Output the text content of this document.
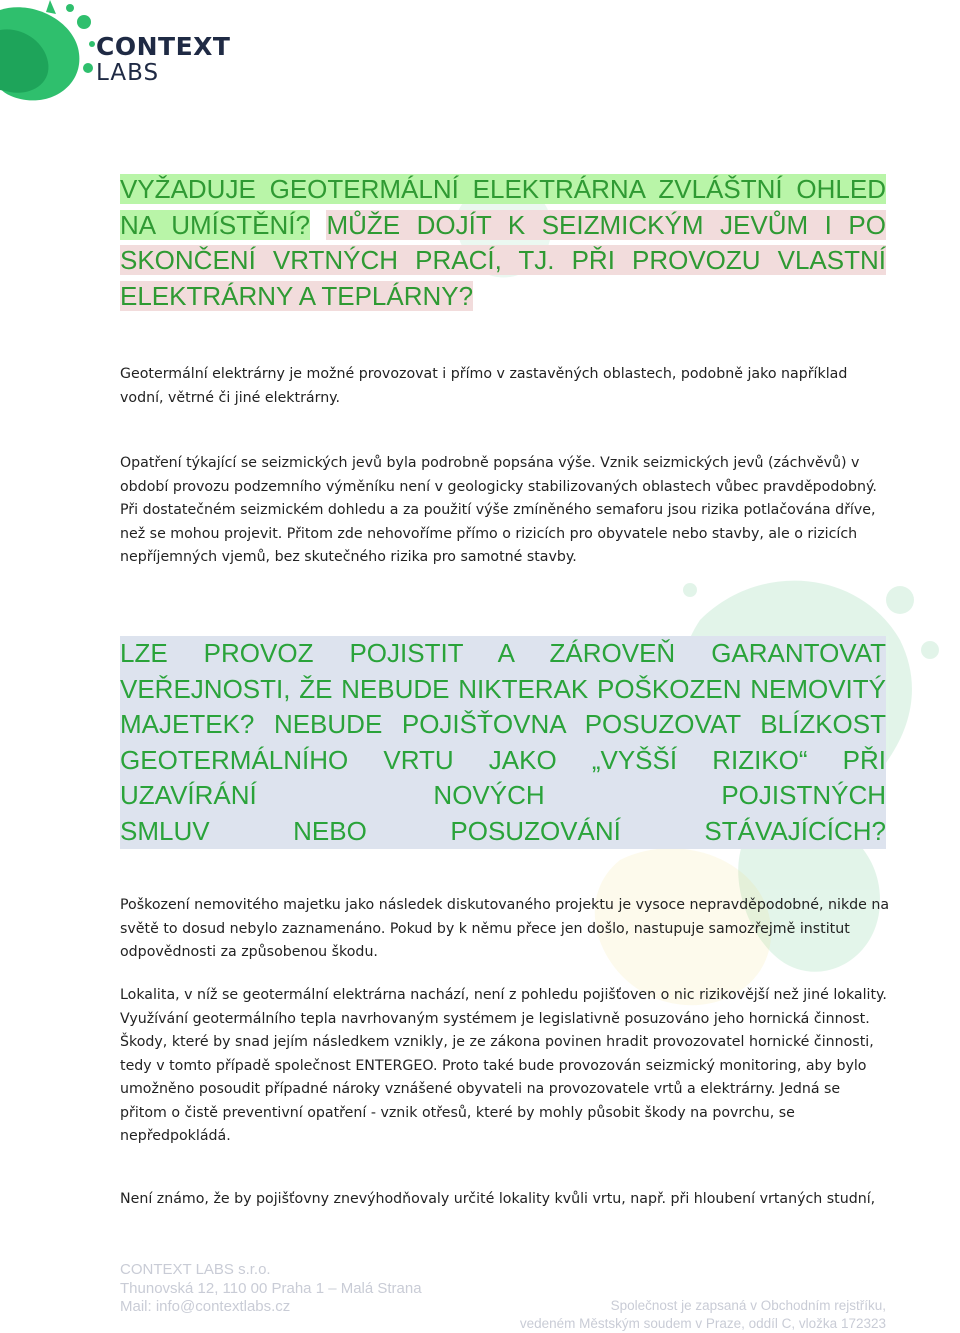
CONTEXT
LABS

VYŽADUJE GEOTERMÁLNÍ ELEKTRÁRNA ZVLÁŠTNÍ OHLED NA UMÍSTĚNÍ? MŮŽE DOJÍT K SEIZMICKÝM JEVŮM I PO SKONČENÍ VRTNÝCH PRACÍ, TJ. PŘI PROVOZU VLASTNÍ ELEKTRÁRNY A TEPLÁRNY?

Geotermální elektrárny je možné provozovat i přímo v zastavěných oblastech, podobně jako například vodní, větrné či jiné elektrárny.

Opatření týkající se seizmických jevů byla podrobně popsána výše. Vznik seizmických jevů (záchvěvů) v období provozu podzemního výměníku není v geologicky stabilizovaných oblastech vůbec pravděpodobný. Při dostatečném seizmickém dohledu a za použití výše zmíněného semaforu jsou rizika potlačována dříve, než se mohou projevit. Přitom zde nehovoříme přímo o rizicích pro obyvatele nebo stavby, ale o rizicích nepříjemných vjemů, bez skutečného rizika pro samotné stavby.

LZE PROVOZ POJISTIT A ZÁROVEŇ GARANTOVAT VEŘEJNOSTI, ŽE NEBUDE NIKTERAK POŠKOZEN NEMOVITÝ MAJETEK? NEBUDE POJIŠŤOVNA POSUZOVAT BLÍZKOST GEOTERMÁLNÍHO VRTU JAKO „VYŠŠÍ RIZIKO“ PŘI UZAVÍRÁNÍ NOVÝCH POJISTNÝCH
SMLUV NEBO POSUZOVÁNÍ STÁVAJÍCÍCH?

Poškození nemovitého majetku jako následek diskutovaného projektu je vysoce nepravděpodobné, nikde na světě to dosud nebylo zaznamenáno. Pokud by k němu přece jen došlo, nastupuje samozřejmě institut odpovědnosti za způsobenou škodu.

Lokalita, v níž se geotermální elektrárna nachází, není z pohledu pojišťoven o nic rizikovější než jiné lokality. Využívání geotermálního tepla navrhovaným systémem je legislativně posuzováno jeho hornická činnost. Škody, které by snad jejím následkem vznikly, je ze zákona povinen hradit provozovatel hornické činnosti, tedy v tomto případě společnost ENTERGEO. Proto také bude provozován seizmický monitoring, aby bylo umožněno posoudit případné nároky vznášené obyvateli na provozovatele vrtů a elektrárny. Jedná se přitom o čistě preventivní opatření - vznik otřesů, které by mohly působit škody na povrchu, se nepředpokládá.

Není známo, že by pojišťovny znevýhodňovaly určité lokality kvůli vrtu, např. při hloubení vrtaných studní,

CONTEXT LABS s.r.o.
Thunovská 12, 110 00 Praha 1 – Malá Strana
Mail: info@contextlabs.cz	Společnost je zapsaná v Obchodním rejstříku,
vedeném Městským soudem v Praze, oddíl C, vložka 172323
